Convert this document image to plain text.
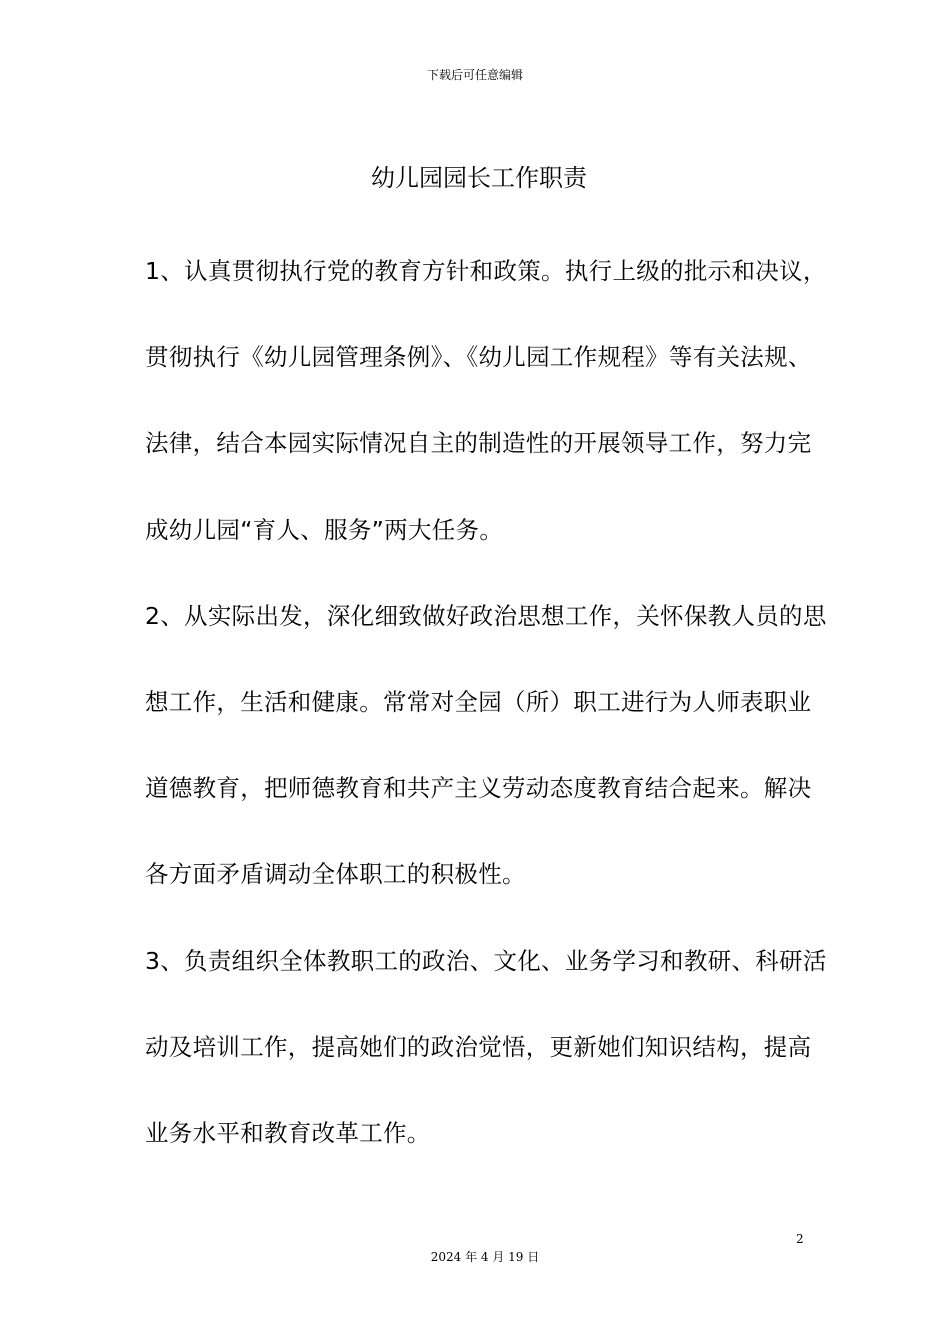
下载后可任意编辑
幼儿园园长工作职责
1、认真贯彻执行党的教育方针和政策。执行上级的批示和决议，
贯彻执行《幼儿园管理条例》、《幼儿园工作规程》等有关法规、
法律，结合本园实际情况自主的制造性的开展领导工作，努力完
成幼儿园“育人、服务”两大任务。
2、从实际出发，深化细致做好政治思想工作，关怀保教人员的思
想工作，生活和健康。常常对全园（所）职工进行为人师表职业
道德教育，把师德教育和共产主义劳动态度教育结合起来。解决
各方面矛盾调动全体职工的积极性。
3、负责组织全体教职工的政治、文化、业务学习和教研、科研活
动及培训工作，提高她们的政治觉悟，更新她们知识结构，提高
业务水平和教育改革工作。
2
2024 年 4 月 19 日
